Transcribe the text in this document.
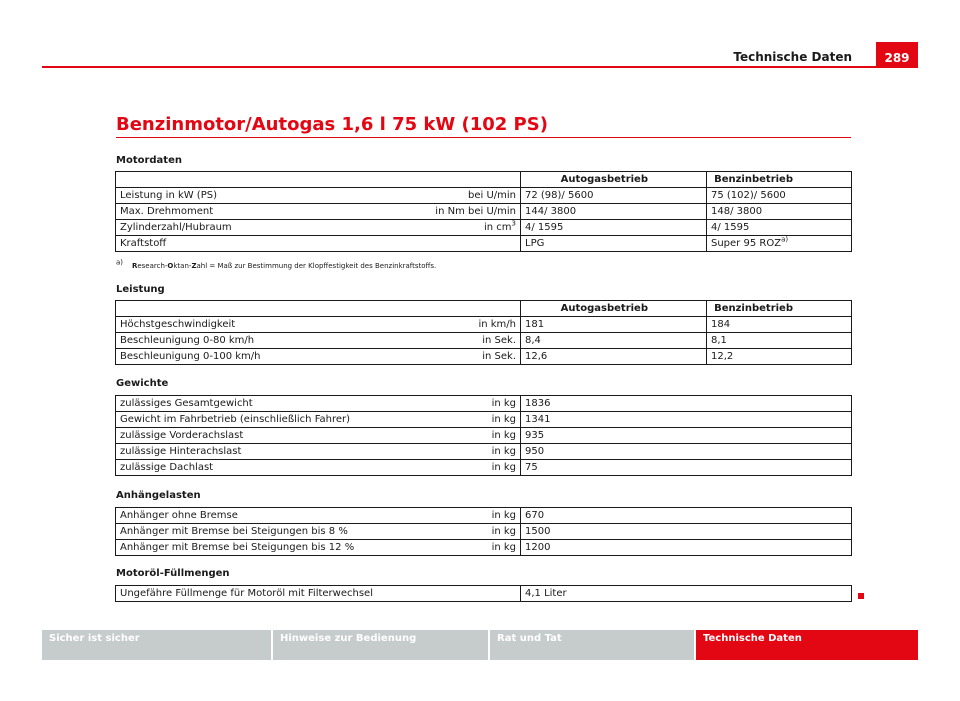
Technische Daten	289
Benzinmotor/Autogas 1,6 l 75 kW (102 PS)
Motordaten
		Autogasbetrieb	Benzinbetrieb
Leistung in kW (PS)	bei U/min	72 (98)/ 5600	75 (102)/ 5600
Max. Drehmoment	in Nm bei U/min	144/ 3800	148/ 3800
Zylinderzahl/Hubraum	in $cm^3$	4/ 1595	4/ 1595
Kraftstoff		LPG	Super 95 ROZ$^{a)}$
$^{a)}$ Research-Oktan-Zahl = Maß zur Bestimmung der Klopffestigkeit des Benzinkraftstoffs.
Leistung
		Autogasbetrieb	Benzinbetrieb
Höchstgeschwindigkeit	in km/h	181	184
Beschleunigung 0-80 km/h	in Sek.	8,4	8,1
Beschleunigung 0-100 km/h	in Sek.	12,6	12,2
Gewichte
zulässiges Gesamtgewicht	in kg	1836
Gewicht im Fahrbetrieb (einschließlich Fahrer)	in kg	1341
zulässige Vorderachslast	in kg	935
zulässige Hinterachslast	in kg	950
zulässige Dachlast	in kg	75
Anhängelasten
Anhänger ohne Bremse	in kg	670
Anhänger mit Bremse bei Steigungen bis 8 %	in kg	1500
Anhänger mit Bremse bei Steigungen bis 12 %	in kg	1200
Motoröl-Füllmengen
Ungefähre Füllmenge für Motoröl mit Filterwechsel	4,1 Liter
Sicher ist sicher	Hinweise zur Bedienung	Rat und Tat	Technische Daten
